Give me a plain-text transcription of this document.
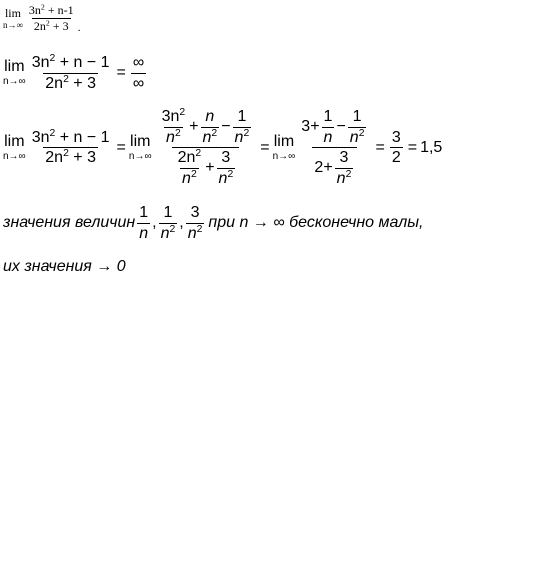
lim
$n\to\infty \frac{3n^2 + n-1}{2n^2 + 3}$ .
lim
$n\to\infty \frac{3n^2 + n - 1}{2n^2 + 3} = \frac{\infty}{\infty}$
lim
$n\to\infty \frac{3n^2 + n - 1}{2n^2 + 3} = \lim$
n→∞
$\frac{3n^2}{n^2} + \frac{n}{n^2} - \frac{1}{n^2}$
$\frac{2n^2}{n^2} + \frac{3}{n^2}$
= lim
n→∞
$3 + \frac{1}{n} - \frac{1}{n^2}$
$2 + \frac{3}{n^2}$
= $\frac{3}{2} = 1,5$
значения величин $\frac{1}{n}$ , $\frac{1}{n^2}$ , $\frac{3}{n^2}$ при n → ∞ бесконечно малы,
их значения → 0
